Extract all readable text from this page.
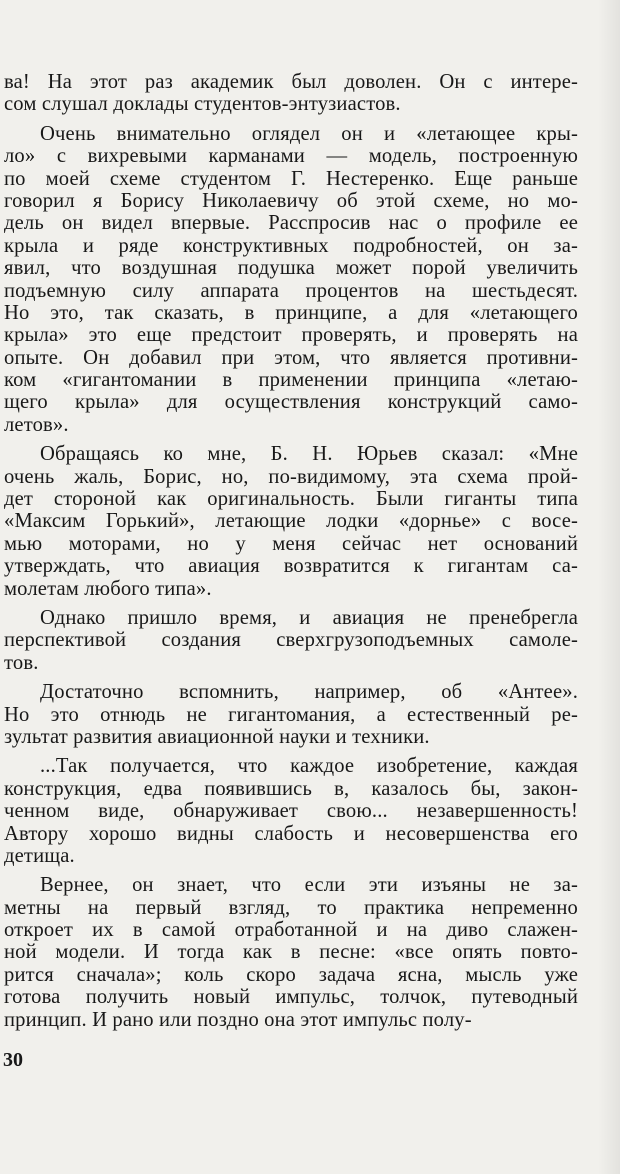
ва! На этот раз академик был доволен. Он с интере-
сом слушал доклады студентов-энтузиастов.
Очень внимательно оглядел он и «летающее кры-
ло» с вихревыми карманами — модель, построенную
по моей схеме студентом Г. Нестеренко. Еще раньше
говорил я Борису Николаевичу об этой схеме, но мо-
дель он видел впервые. Расспросив нас о профиле ее
крыла и ряде конструктивных подробностей, он за-
явил, что воздушная подушка может порой увеличить
подъемную силу аппарата процентов на шестьдесят.
Но это, так сказать, в принципе, а для «летающего
крыла» это еще предстоит проверять, и проверять на
опыте. Он добавил при этом, что является противни-
ком «гигантомании в применении принципа «летаю-
щего крыла» для осуществления конструкций само-
летов».
Обращаясь ко мне, Б. Н. Юрьев сказал: «Мне
очень жаль, Борис, но, по-видимому, эта схема прой-
дет стороной как оригинальность. Были гиганты типа
«Максим Горький», летающие лодки «дорнье» с восе-
мью моторами, но у меня сейчас нет оснований
утверждать, что авиация возвратится к гигантам са-
молетам любого типа».
Однако пришло время, и авиация не пренебрегла
перспективой создания сверхгрузоподъемных самоле-
тов.
Достаточно вспомнить, например, об «Антее».
Но это отнюдь не гигантомания, а естественный ре-
зультат развития авиационной науки и техники.
...Так получается, что каждое изобретение, каждая
конструкция, едва появившись в, казалось бы, закон-
ченном виде, обнаруживает свою... незавершенность!
Автору хорошо видны слабость и несовершенства его
детища.
Вернее, он знает, что если эти изъяны не за-
метны на первый взгляд, то практика непременно
откроет их в самой отработанной и на диво слажен-
ной модели. И тогда как в песне: «все опять повто-
рится сначала»; коль скоро задача ясна, мысль уже
готова получить новый импульс, толчок, путеводный
принцип. И рано или поздно она этот импульс полу-
30
